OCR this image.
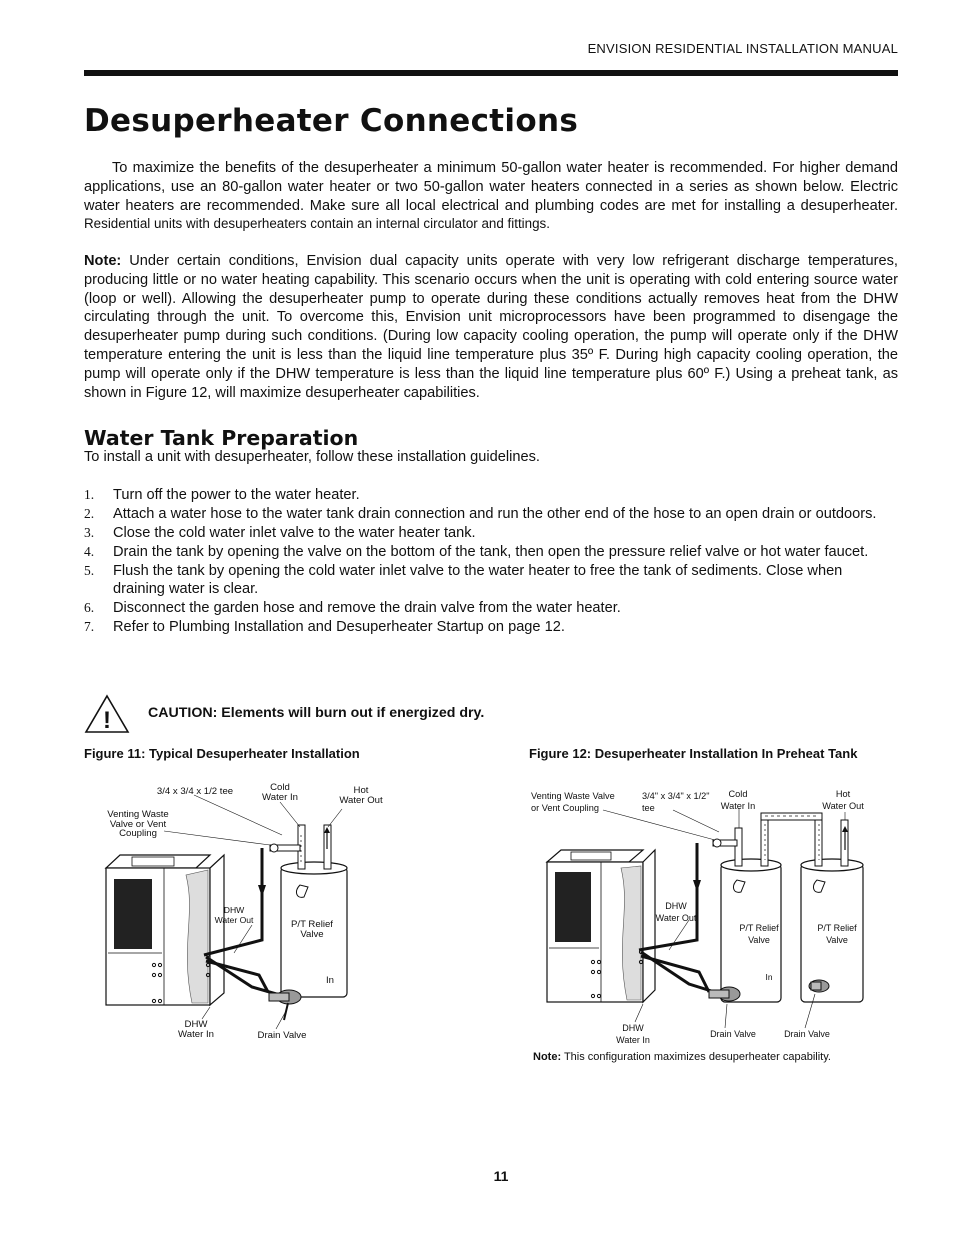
ENVISION RESIDENTIAL INSTALLATION MANUAL
Desuperheater Connections

To maximize the benefits of the desuperheater a minimum 50-gallon water heater is recommended. For higher demand applications, use an 80-gallon water heater or two 50-gallon water heaters connected in a series as shown below. Electric water heaters are recommended. Make sure all local electrical and plumbing codes are met for installing a desuperheater. Residential units with desuperheaters contain an internal circulator and fittings.

Note: Under certain conditions, Envision dual capacity units operate with very low refrigerant discharge temperatures, producing little or no water heating capability. This scenario occurs when the unit is operating with cold entering source water (loop or well). Allowing the desuperheater pump to operate during these conditions actually removes heat from the DHW circulating through the unit. To overcome this, Envision unit microprocessors have been programmed to disengage the desuperheater pump during such conditions. (During low capacity cooling operation, the pump will operate only if the DHW temperature entering the unit is less than the liquid line temperature plus 35º F. During high capacity cooling operation, the pump will operate only if the DHW temperature is less than the liquid line temperature plus 60º F.) Using a preheat tank, as shown in Figure 12, will maximize desuperheater capabilities.

Water Tank Preparation

To install a unit with desuperheater, follow these installation guidelines.

1. Turn off the power to the water heater.
2. Attach a water hose to the water tank drain connection and run the other end of the hose to an open drain or outdoors.
3. Close the cold water inlet valve to the water heater tank.
4. Drain the tank by opening the valve on the bottom of the tank, then open the pressure relief valve or hot water faucet.
5. Flush the tank by opening the cold water inlet valve to the water heater to free the tank of sediments. Close when draining water is clear.
6. Disconnect the garden hose and remove the drain valve from the water heater.
7. Refer to Plumbing Installation and Desuperheater Startup on page 12.
!	CAUTION: Elements will burn out if energized dry.

Figure 11: Typical Desuperheater Installation	Figure 12: Desuperheater Installation In Preheat Tank

3/4 x 3/4 x 1/2 tee	Cold
Water In
Hot
Water Out
Venting Waste
Valve or Vent
Coupling
DHW
Water Out	P/T Relief
Valve
In
DHW
Water In	Drain Valve
Venting Waste Valve
or Vent Coupling
3/4" x 3/4" x 1/2"
tee
Cold
Water In
Hot
Water Out
DHW
Water Out
P/T Relief
Valve
P/T Relief
Valve
In
DHW
Water In
Drain Valve	Drain Valve
Note: This configuration maximizes desuperheater capability.
11
